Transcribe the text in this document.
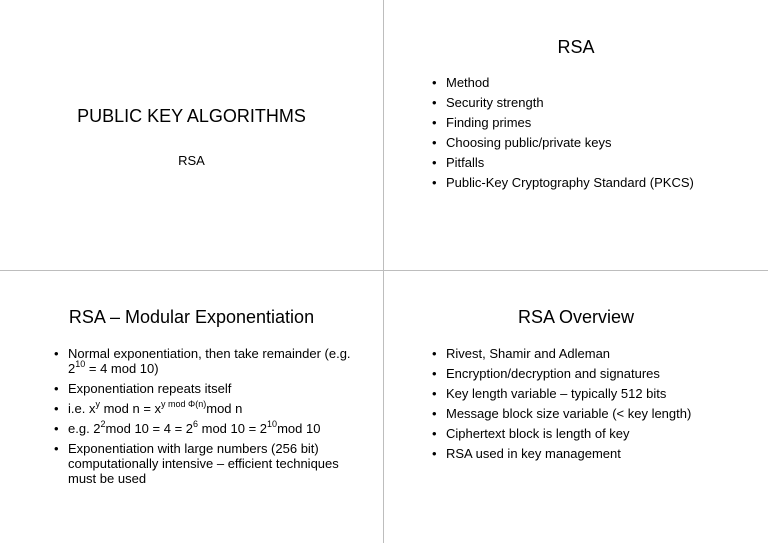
PUBLIC KEY ALGORITHMS
RSA
RSA
• Method
• Security strength
• Finding primes
• Choosing public/private keys
• Pitfalls
• Public-Key Cryptography Standard (PKCS)
RSA – Modular Exponentiation
• Normal exponentiation, then take remainder (e.g. $2^{10} = 4$ mod 10)
• Exponentiation repeats itself
• i.e. $x^y$ mod $n = x^{y mod \Phi(n)}mod$ n
• e.g. $2^2mod$ $10 = 4 = 2^6$ mod $10 = 2^{10}mod$ 10
• Exponentiation with large numbers (256 bit) computationally intensive – efficient techniques must be used
RSA Overview
• Rivest, Shamir and Adleman
• Encryption/decryption and signatures
• Key length variable – typically 512 bits
• Message block size variable (< key length)
• Ciphertext block is length of key
• RSA used in key management
